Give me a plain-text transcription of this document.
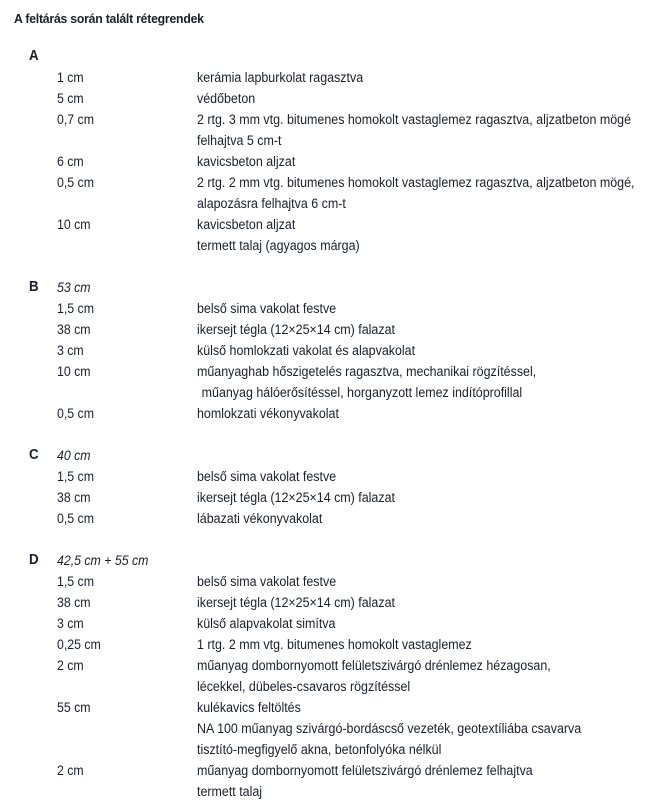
A feltárás során talált rétegrendek
A
1 cm	kerámia lapburkolat ragasztva
5 cm	védőbeton
0,7 cm	2 rtg. 3 mm vtg. bitumenes homokolt vastaglemez ragasztva, aljzatbeton mögé
felhajtva 5 cm-t
6 cm	kavicsbeton aljzat
0,5 cm	2 rtg. 2 mm vtg. bitumenes homokolt vastaglemez ragasztva, aljzatbeton mögé,
alapozásra felhajtva 6 cm-t
10 cm	kavicsbeton aljzat
termett talaj (agyagos márga)
B	53 cm
1,5 cm	belső sima vakolat festve
38 cm	ikersejt tégla (12×25×14 cm) falazat
3 cm	külső homlokzati vakolat és alapvakolat
10 cm	műanyaghab hőszigetelés ragasztva, mechanikai rögzítéssel,
műanyag hálóerősítéssel, horganyzott lemez indítóprofillal
0,5 cm	homlokzati vékonyvakolat
C	40 cm
1,5 cm	belső sima vakolat festve
38 cm	ikersejt tégla (12×25×14 cm) falazat
0,5 cm	lábazati vékonyvakolat
D	42,5 cm + 55 cm
1,5 cm	belső sima vakolat festve
38 cm	ikersejt tégla (12×25×14 cm) falazat
3 cm	külső alapvakolat simítva
0,25 cm	1 rtg. 2 mm vtg. bitumenes homokolt vastaglemez
2 cm	műanyag dombornyomott felületszivárgó drénlemez hézagosan,
lécekkel, dübeles-csavaros rögzítéssel
55 cm	kulékavics feltöltés
NA 100 műanyag szivárgó-bordáscső vezeték, geotextíliába csavarva
tisztító-megfigyelő akna, betonfolyóka nélkül
2 cm	műanyag dombornyomott felületszivárgó drénlemez felhajtva
termett talaj
